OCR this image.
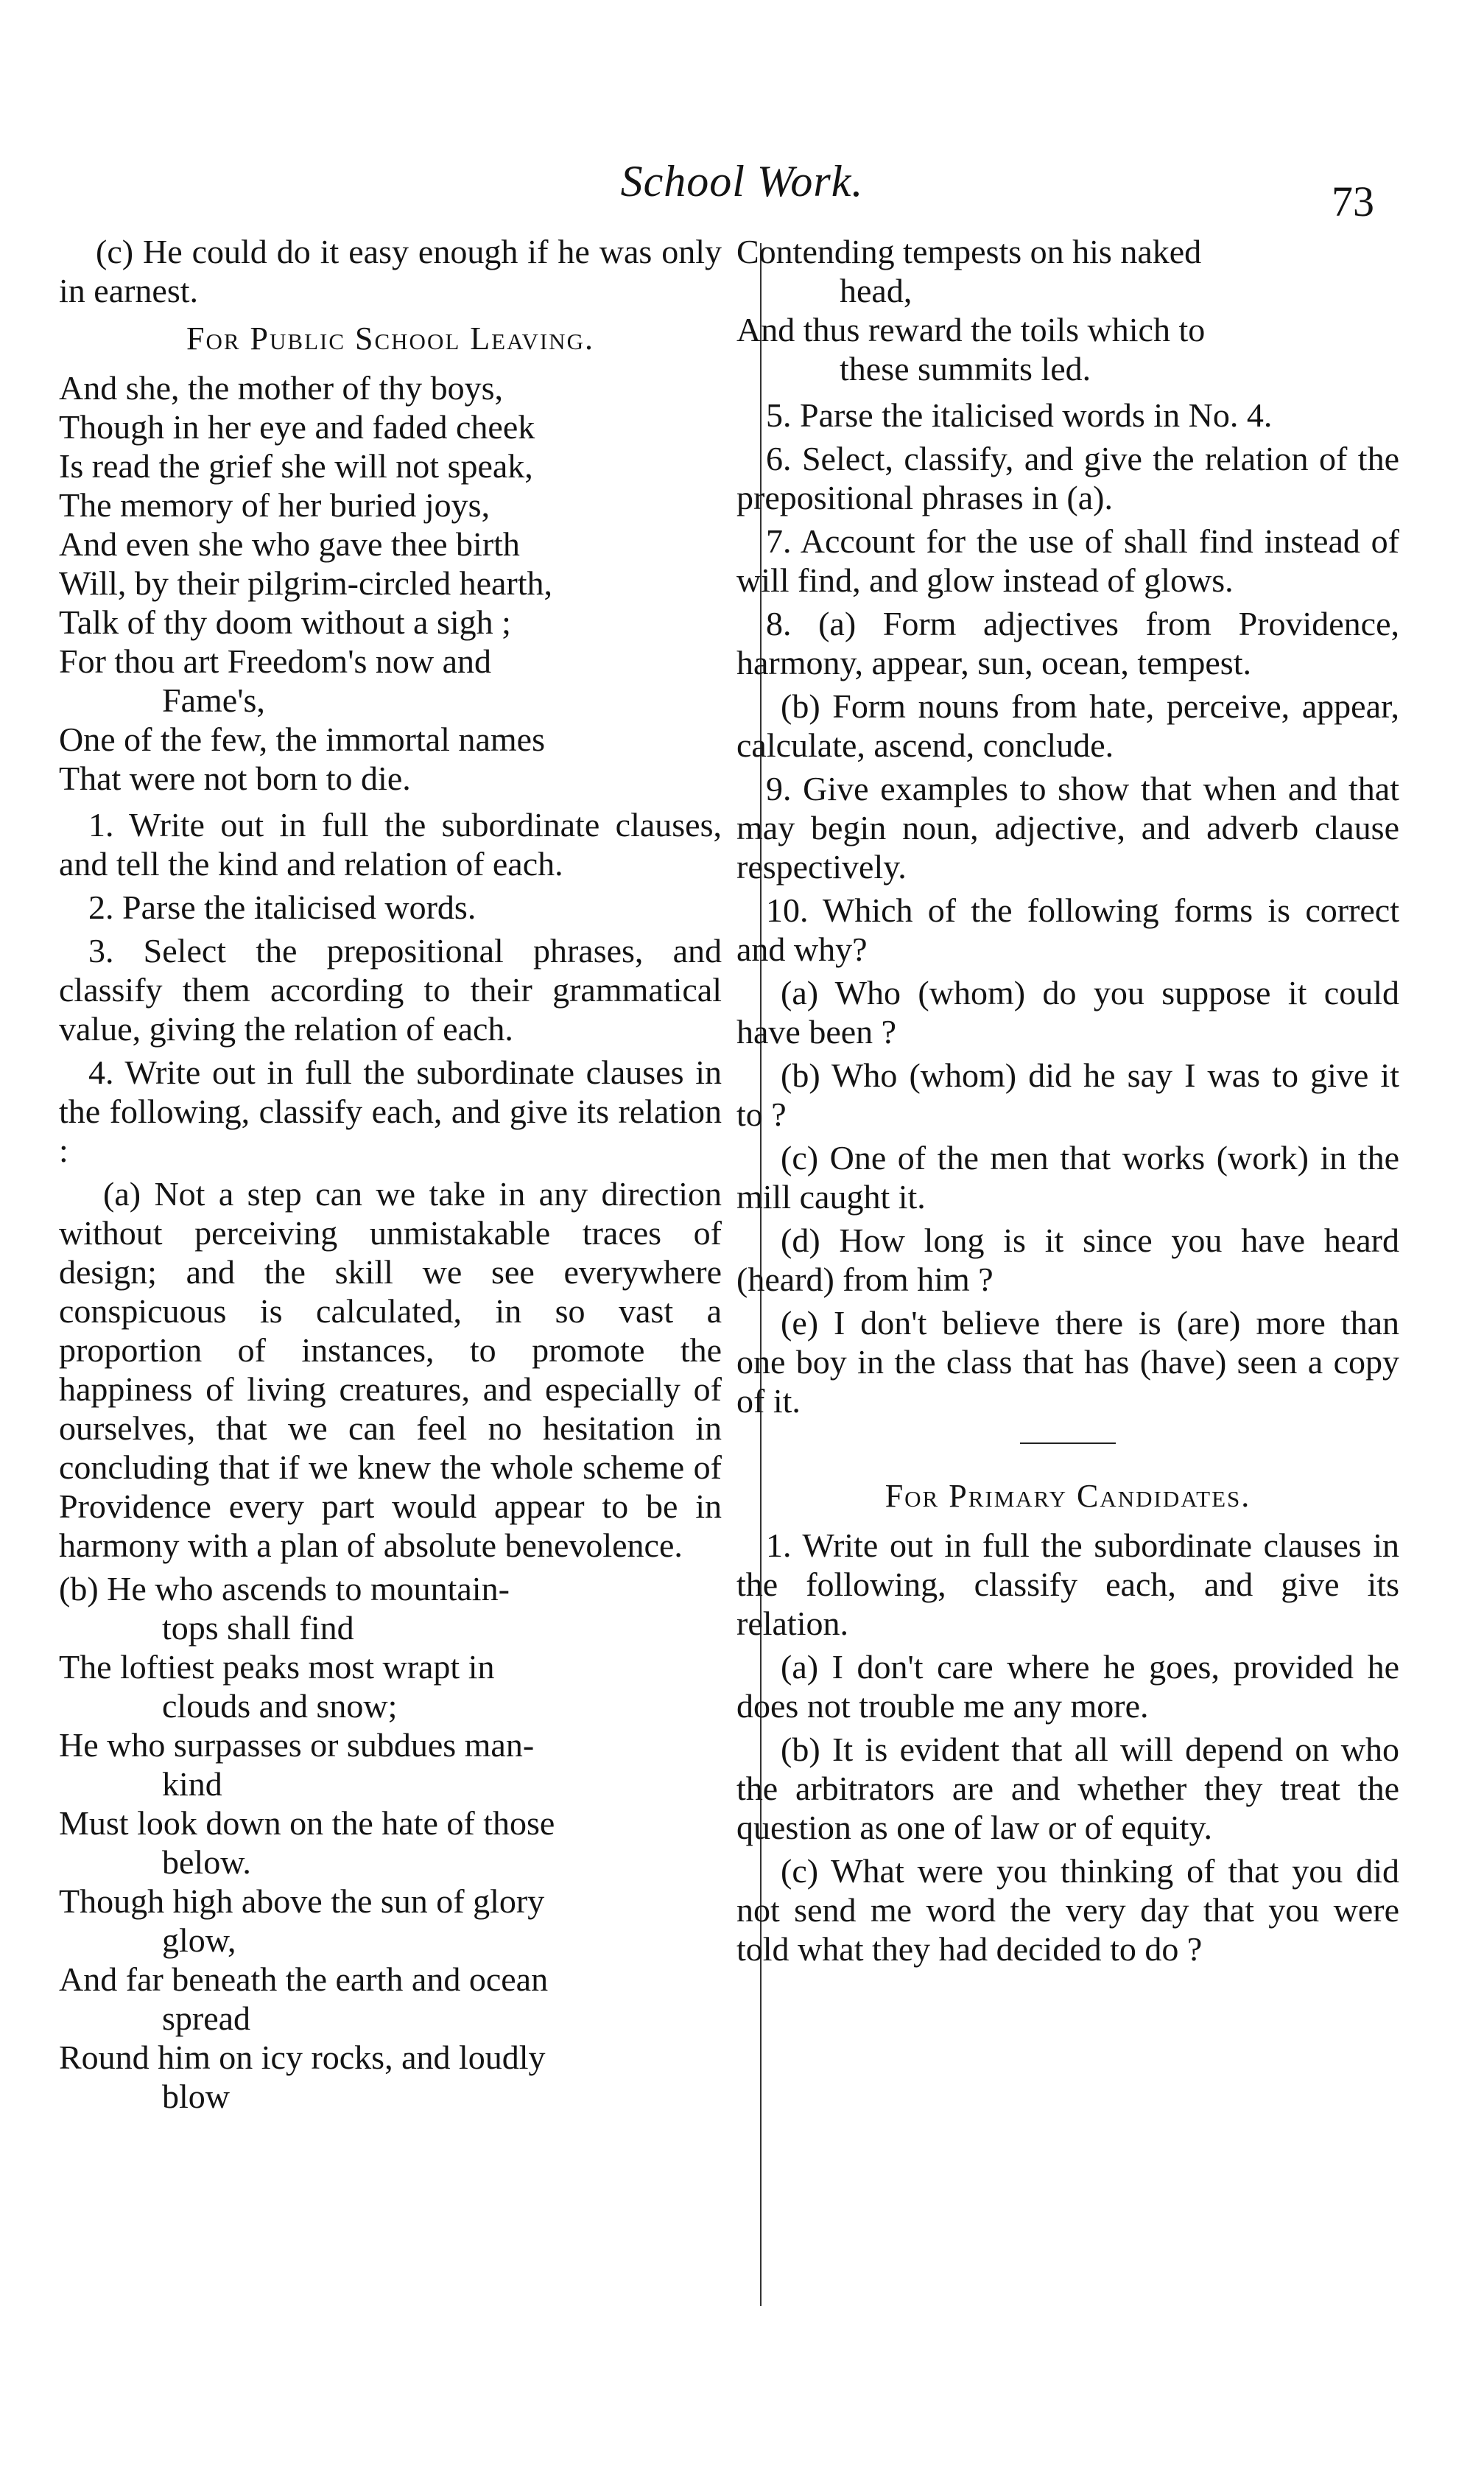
School Work.	73

(c) He could do it easy enough if he was only in earnest.

For Public School Leaving.
And she, the mother of thy boys,
Though in her eye and faded cheek
Is read the grief she will not speak,
The memory of her buried joys,
And even she who gave thee birth
Will, by their pilgrim-circled hearth,
Talk of thy doom without a sigh ;
For thou art Freedom's now and
Fame's,
One of the few, the immortal names
That were not born to die.

1. Write out in full the subordinate clauses, and tell the kind and relation of each.

2. Parse the italicised words.

3. Select the prepositional phrases, and classify them according to their grammatical value, giving the relation of each.

4. Write out in full the subordinate clauses in the following, classify each, and give its relation :

(a) Not a step can we take in any direction without perceiving unmistakable traces of design; and the skill we see everywhere conspicuous is calculated, in so vast a proportion of instances, to promote the happiness of living creatures, and especially of ourselves, that we can feel no hesitation in concluding that if we knew the whole scheme of Providence every part would appear to be in harmony with a plan of absolute benevolence.

(b) He who ascends to mountain-
tops shall find
The loftiest peaks most wrapt in
clouds and snow;
He who surpasses or subdues man-
kind
Must look down on the hate of those
below.
Though high above the sun of glory
glow,
And far beneath the earth and ocean
spread
Round him on icy rocks, and loudly
blow
Contending tempests on his naked
head,
And thus reward the toils which to
these summits led.

5. Parse the italicised words in No. 4.

6. Select, classify, and give the relation of the prepositional phrases in (a).

7. Account for the use of shall find instead of will find, and glow instead of glows.

8. (a) Form adjectives from Providence, harmony, appear, sun, ocean, tempest.

(b) Form nouns from hate, perceive, appear, calculate, ascend, conclude.

9. Give examples to show that when and that may begin noun, adjective, and adverb clause respectively.

10. Which of the following forms is correct and why?

(a) Who (whom) do you suppose it could have been ?

(b) Who (whom) did he say I was to give it to ?

(c) One of the men that works (work) in the mill caught it.

(d) How long is it since you have heard (heard) from him ?

(e) I don't believe there is (are) more than one boy in the class that has (have) seen a copy of it.

For Primary Candidates.

1. Write out in full the subordinate clauses in the following, classify each, and give its relation.

(a) I don't care where he goes, provided he does not trouble me any more.

(b) It is evident that all will depend on who the arbitrators are and whether they treat the question as one of law or of equity.

(c) What were you thinking of that you did not send me word the very day that you were told what they had decided to do ?
